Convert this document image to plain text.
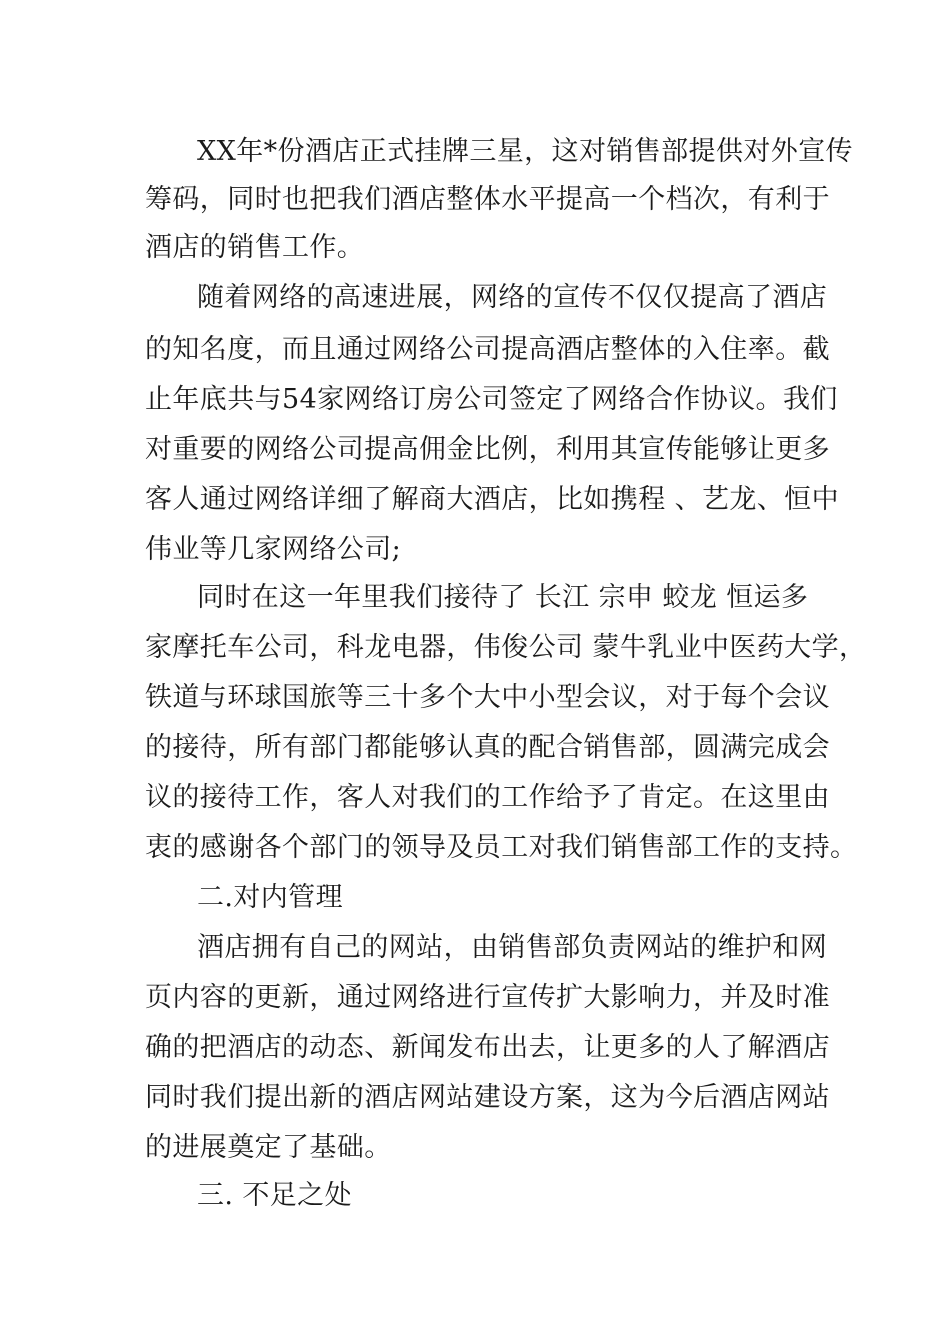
XX年*份酒店正式挂牌三星，这对销售部提供对外宣传
筹码，同时也把我们酒店整体水平提高一个档次，有利于
酒店的销售工作。
随着网络的高速进展，网络的宣传不仅仅提高了酒店
的知名度，而且通过网络公司提高酒店整体的入住率。截
止年底共与54家网络订房公司签定了网络合作协议。我们
对重要的网络公司提高佣金比例，利用其宣传能够让更多
客人通过网络详细了解商大酒店，比如携程 、艺龙、恒中
伟业等几家网络公司;
同时在这一年里我们接待了 长江 宗申 蛟龙 恒运多
家摩托车公司，科龙电器，伟俊公司 蒙牛乳业中医药大学，
铁道与环球国旅等三十多个大中小型会议，对于每个会议
的接待，所有部门都能够认真的配合销售部，圆满完成会
议的接待工作，客人对我们的工作给予了肯定。在这里由
衷的感谢各个部门的领导及员工对我们销售部工作的支持。
二.对内管理
酒店拥有自己的网站，由销售部负责网站的维护和网
页内容的更新，通过网络进行宣传扩大影响力，并及时准
确的把酒店的动态、新闻发布出去，让更多的人了解酒店
同时我们提出新的酒店网站建设方案，这为今后酒店网站
的进展奠定了基础。
三. 不足之处
